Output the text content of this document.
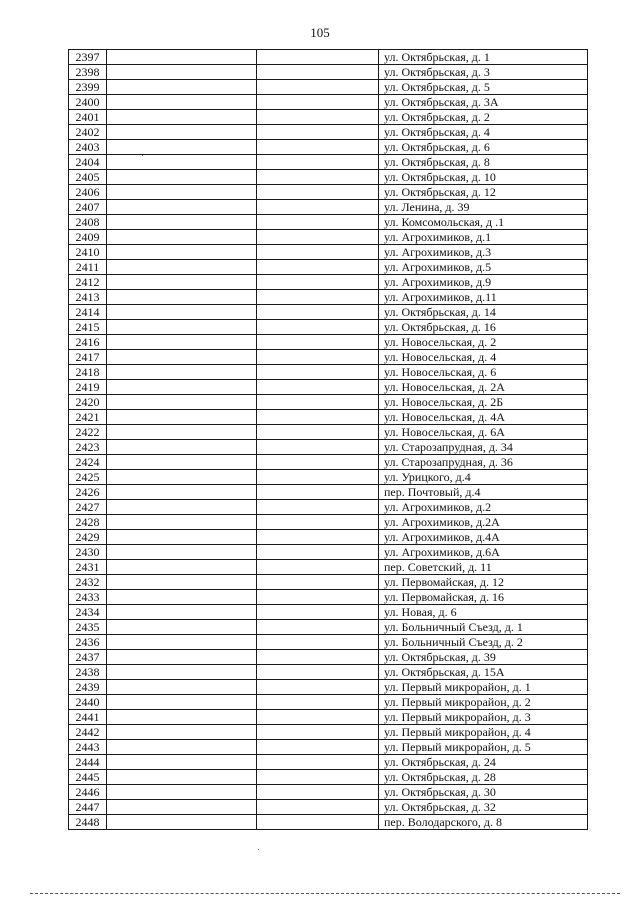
105
2397			ул. Октябрьская, д. 1
2398			ул. Октябрьская, д. 3
2399			ул. Октябрьская, д. 5
2400			ул. Октябрьская, д. 3А
2401			ул. Октябрьская, д. 2
2402			ул. Октябрьская, д. 4
2403			ул. Октябрьская, д. 6
2404			ул. Октябрьская, д. 8
2405			ул. Октябрьская, д. 10
2406			ул. Октябрьская, д. 12
2407			ул. Ленина, д. 39
2408			ул. Комсомольская, д .1
2409			ул. Агрохимиков, д.1
2410			ул. Агрохимиков, д.3
2411			ул. Агрохимиков, д.5
2412			ул. Агрохимиков, д.9
2413			ул. Агрохимиков, д.11
2414			ул. Октябрьская, д. 14
2415			ул. Октябрьская, д. 16
2416			ул. Новосельская, д. 2
2417			ул. Новосельская, д. 4
2418			ул. Новосельская, д. 6
2419			ул. Новосельская, д. 2А
2420			ул. Новосельская, д. 2Б
2421			ул. Новосельская, д. 4А
2422			ул. Новосельская, д. 6А
2423			ул. Старозапрудная, д. 34
2424			ул. Старозапрудная, д. 36
2425			ул. Урицкого, д.4
2426			пер. Почтовый, д.4
2427			ул. Агрохимиков, д.2
2428			ул. Агрохимиков, д.2А
2429			ул. Агрохимиков, д.4А
2430			ул. Агрохимиков, д.6А
2431			пер. Советский, д. 11
2432			ул. Первомайская, д. 12
2433			ул. Первомайская, д. 16
2434			ул. Новая, д. 6
2435			ул. Больничный Съезд, д. 1
2436			ул. Больничный Съезд, д. 2
2437			ул. Октябрьская, д. 39
2438			ул. Октябрьская, д. 15А
2439			ул. Первый микрорайон, д. 1
2440			ул. Первый микрорайон, д. 2
2441			ул. Первый микрорайон, д. 3
2442			ул. Первый микрорайон, д. 4
2443			ул. Первый микрорайон, д. 5
2444			ул. Октябрьская, д. 24
2445			ул. Октябрьская, д. 28
2446			ул. Октябрьская, д. 30
2447			ул. Октябрьская, д. 32
2448			пер. Володарского, д. 8
